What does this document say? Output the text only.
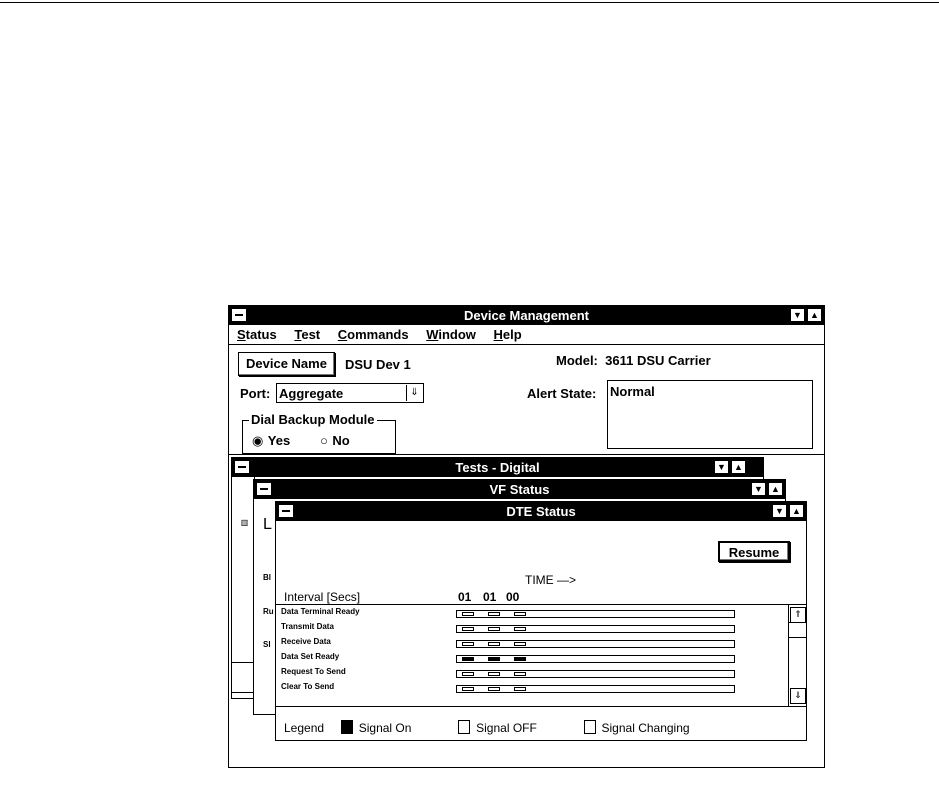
Device Management	▼ ▲
Status Test Commands Window Help
Device Name	DSU Dev 1	Model: 3611 DSU Carrier
Port: Aggregate	⇓	Alert State: Normal
Dial Backup Module
◉ Yes ○ No
Tests - Digital	▼ ▲
▥
VF Status	▼ ▲
L
Bl
Ru
Sl
DTE Status	▼ ▲
Resume
TIME —>
Interval [Secs]	01 01 00
Data Terminal Ready
Transmit Data
Receive Data
Data Set Ready
Request To Send
Clear To Send
⇑
⇓
Legend	Signal On	Signal OFF	Signal Changing
